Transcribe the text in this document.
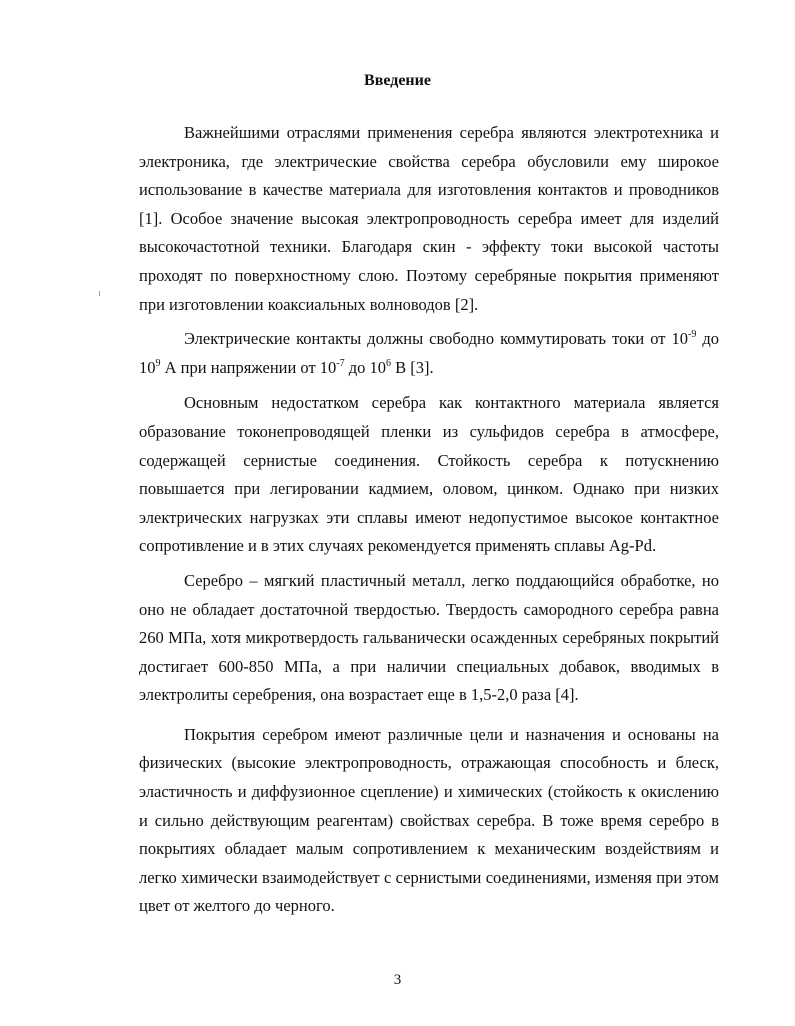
Введение

Важнейшими отраслями применения серебра являются электротехника и электроника, где электрические свойства серебра обусловили ему широкое использование в качестве материала для изготовления контактов и проводников [1]. Особое значение высокая электропроводность серебра имеет для изделий высокочастотной техники. Благодаря скин - эффекту токи высокой частоты проходят по поверхностному слою. Поэтому серебряные покрытия применяют при изготовлении коаксиальных волноводов [2].

Электрические контакты должны свободно коммутировать токи от $10^{-9}$ до $10^9$ А при напряжении от $10^{-7}$ до $10^6$ В [3].

Основным недостатком серебра как контактного материала является образование токонепроводящей пленки из сульфидов серебра в атмосфере, содержащей сернистые соединения. Стойкость серебра к потускнению повышается при легировании кадмием, оловом, цинком. Однако при низких электрических нагрузках эти сплавы имеют недопустимое высокое контактное сопротивление и в этих случаях рекомендуется применять сплавы Ag-Pd.

Серебро – мягкий пластичный металл, легко поддающийся обработке, но оно не обладает достаточной твердостью. Твердость самородного серебра равна 260 МПа, хотя микротвердость гальванически осажденных серебряных покрытий достигает 600-850 МПа, а при наличии специальных добавок, вводимых в электролиты серебрения, она возрастает еще в 1,5-2,0 раза [4].

Покрытия серебром имеют различные цели и назначения и основаны на физических (высокие электропроводность, отражающая способность и блеск, эластичность и диффузионное сцепление) и химических (стойкость к окислению и сильно действующим реагентам) свойствах серебра. В тоже время серебро в покрытиях обладает малым сопротивлением к механическим воздействиям и легко химически взаимодействует с сернистыми соединениями, изменяя при этом цвет от желтого до черного.

3
